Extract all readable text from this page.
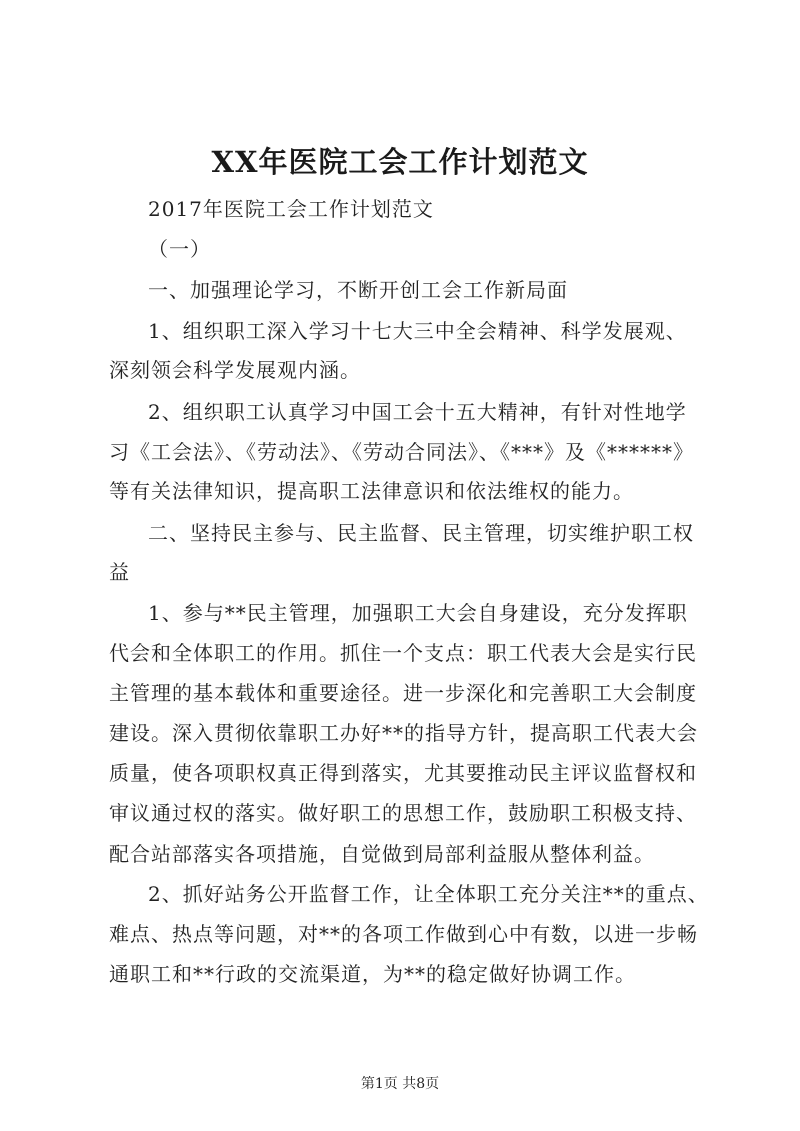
XX年医院工会工作计划范文
2017年医院工会工作计划范文
（一）
一、加强理论学习，不断开创工会工作新局面
1、组织职工深入学习十七大三中全会精神、科学发展观、
深刻领会科学发展观内涵。
2、组织职工认真学习中国工会十五大精神，有针对性地学
习《工会法》、《劳动法》、《劳动合同法》、《***》及《******》
等有关法律知识，提高职工法律意识和依法维权的能力。
二、坚持民主参与、民主监督、民主管理，切实维护职工权
益
1、参与**民主管理，加强职工大会自身建设，充分发挥职
代会和全体职工的作用。抓住一个支点：职工代表大会是实行民
主管理的基本载体和重要途径。进一步深化和完善职工大会制度
建设。深入贯彻依靠职工办好**的指导方针，提高职工代表大会
质量，使各项职权真正得到落实，尤其要推动民主评议监督权和
审议通过权的落实。做好职工的思想工作，鼓励职工积极支持、
配合站部落实各项措施，自觉做到局部利益服从整体利益。
2、抓好站务公开监督工作，让全体职工充分关注**的重点、
难点、热点等问题，对**的各项工作做到心中有数，以进一步畅
通职工和**行政的交流渠道，为**的稳定做好协调工作。
第1页 共8页
